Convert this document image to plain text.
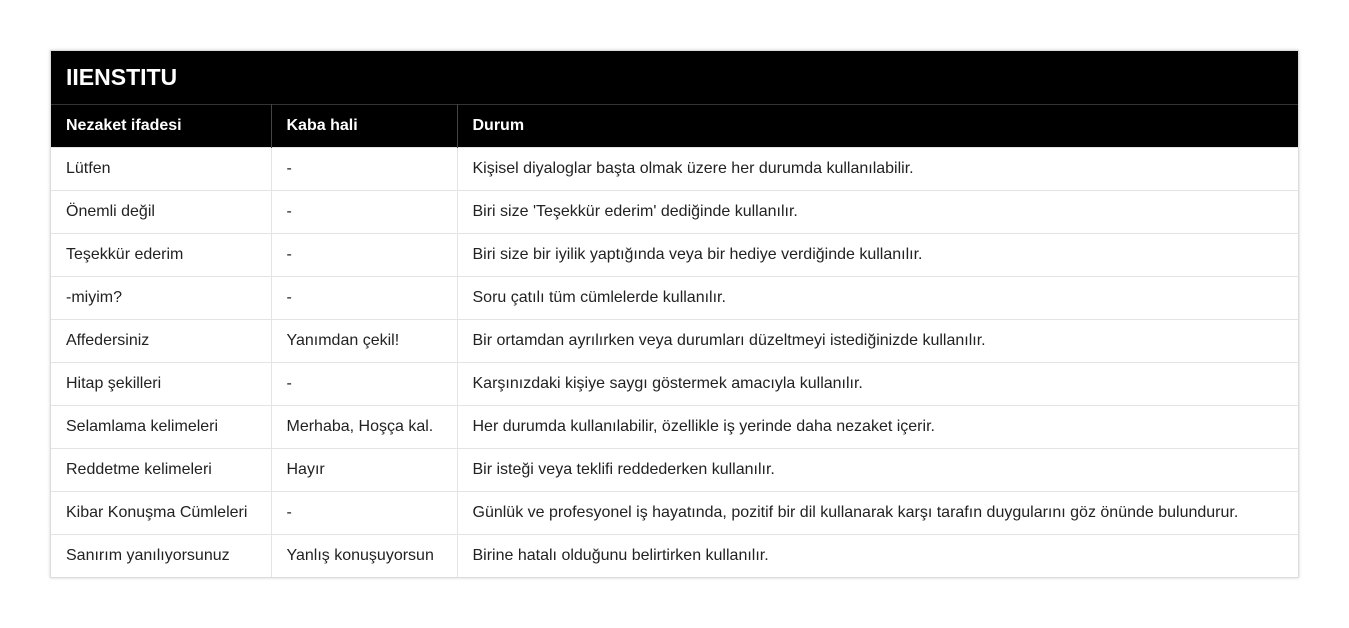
IIENSTITU		
Nezaket ifadesi	Kaba hali	Durum
Lütfen	-	Kişisel diyaloglar başta olmak üzere her durumda kullanılabilir.
Önemli değil	-	Biri size 'Teşekkür ederim' dediğinde kullanılır.
Teşekkür ederim	-	Biri size bir iyilik yaptığında veya bir hediye verdiğinde kullanılır.
-miyim?	-	Soru çatılı tüm cümlelerde kullanılır.
Affedersiniz	Yanımdan çekil!	Bir ortamdan ayrılırken veya durumları düzeltmeyi istediğinizde kullanılır.
Hitap şekilleri	-	Karşınızdaki kişiye saygı göstermek amacıyla kullanılır.
Selamlama kelimeleri	Merhaba, Hoşça kal.	Her durumda kullanılabilir, özellikle iş yerinde daha nezaket içerir.
Reddetme kelimeleri	Hayır	Bir isteği veya teklifi reddederken kullanılır.
Kibar Konuşma Cümleleri	-	Günlük ve profesyonel iş hayatında, pozitif bir dil kullanarak karşı tarafın duygularını göz önünde bulundurur.
Sanırım yanılıyorsunuz	Yanlış konuşuyorsun	Birine hatalı olduğunu belirtirken kullanılır.
